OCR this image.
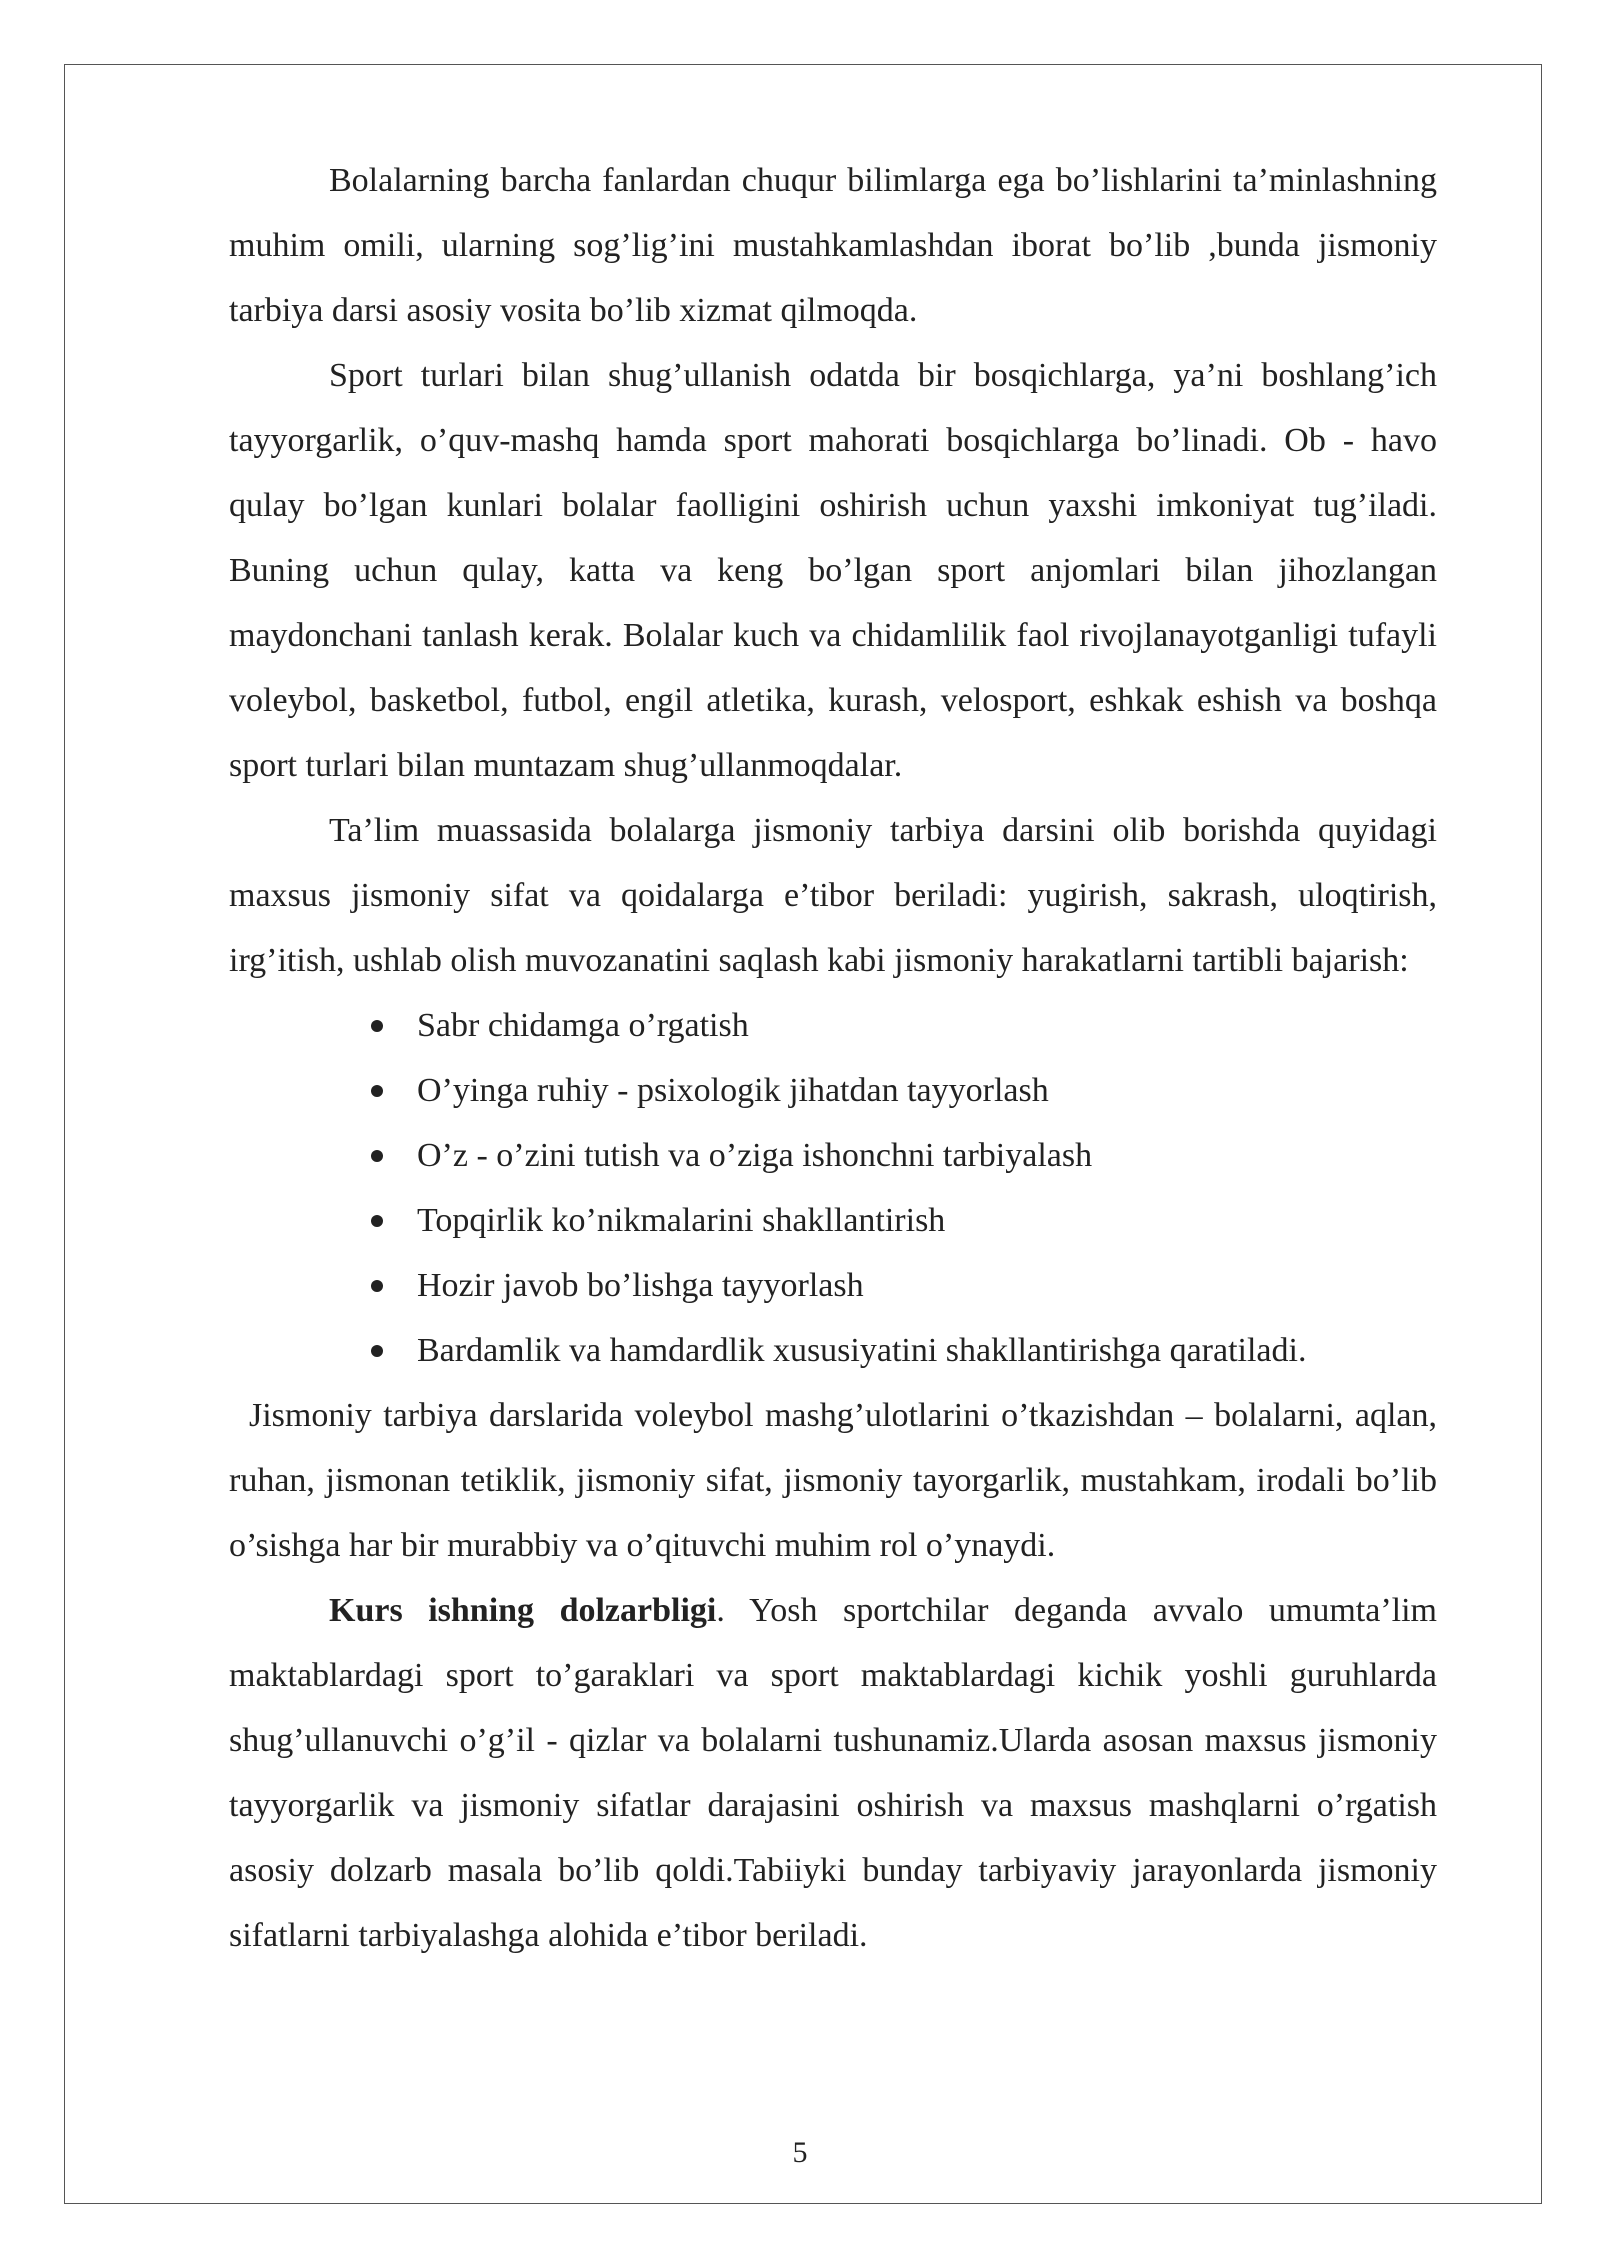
Bolalarning barcha fanlardan chuqur bilimlarga ega bo’lishlarini ta’minlashning muhim omili, ularning sog’lig’ini mustahkamlashdan iborat bo’lib ,bunda jismoniy tarbiya darsi asosiy vosita bo’lib xizmat qilmoqda.

Sport turlari bilan shug’ullanish odatda bir bosqichlarga, ya’ni boshlang’ich tayyorgarlik, o’quv-mashq hamda sport mahorati bosqichlarga bo’linadi. Ob - havo qulay bo’lgan kunlari bolalar faolligini oshirish uchun yaxshi imkoniyat tug’iladi. Buning uchun qulay, katta va keng bo’lgan sport anjomlari bilan jihozlangan maydonchani tanlash kerak. Bolalar kuch va chidamlilik faol rivojlanayotganligi tufayli voleybol, basketbol, futbol, engil atletika, kurash, velosport, eshkak eshish va boshqa sport turlari bilan muntazam shug’ullanmoqdalar.

Ta’lim muassasida bolalarga jismoniy tarbiya darsini olib borishda quyidagi maxsus jismoniy sifat va qoidalarga e’tibor beriladi: yugirish, sakrash, uloqtirish, irg’itish, ushlab olish muvozanatini saqlash kabi jismoniy harakatlarni tartibli bajarish:

Sabr chidamga o’rgatish
O’yinga ruhiy - psixologik jihatdan tayyorlash
O’z - o’zini tutish va o’ziga ishonchni tarbiyalash
Topqirlik ko’nikmalarini shakllantirish
Hozir javob bo’lishga tayyorlash
Bardamlik va hamdardlik xususiyatini shakllantirishga qaratiladi.

Jismoniy tarbiya darslarida voleybol mashg’ulotlarini o’tkazishdan – bolalarni, aqlan, ruhan, jismonan tetiklik, jismoniy sifat, jismoniy tayorgarlik, mustahkam, irodali bo’lib o’sishga har bir murabbiy va o’qituvchi muhim rol o’ynaydi.

Kurs ishning dolzarbligi. Yosh sportchilar deganda avvalo umumta’lim maktablardagi sport to’garaklari va sport maktablardagi kichik yoshli guruhlarda shug’ullanuvchi o’g’il - qizlar va bolalarni tushunamiz.Ularda asosan maxsus jismoniy tayyorgarlik va jismoniy sifatlar darajasini oshirish va maxsus mashqlarni o’rgatish asosiy dolzarb masala bo’lib qoldi.Tabiiyki bunday tarbiyaviy jarayonlarda jismoniy sifatlarni tarbiyalashga alohida e’tibor beriladi.

5
